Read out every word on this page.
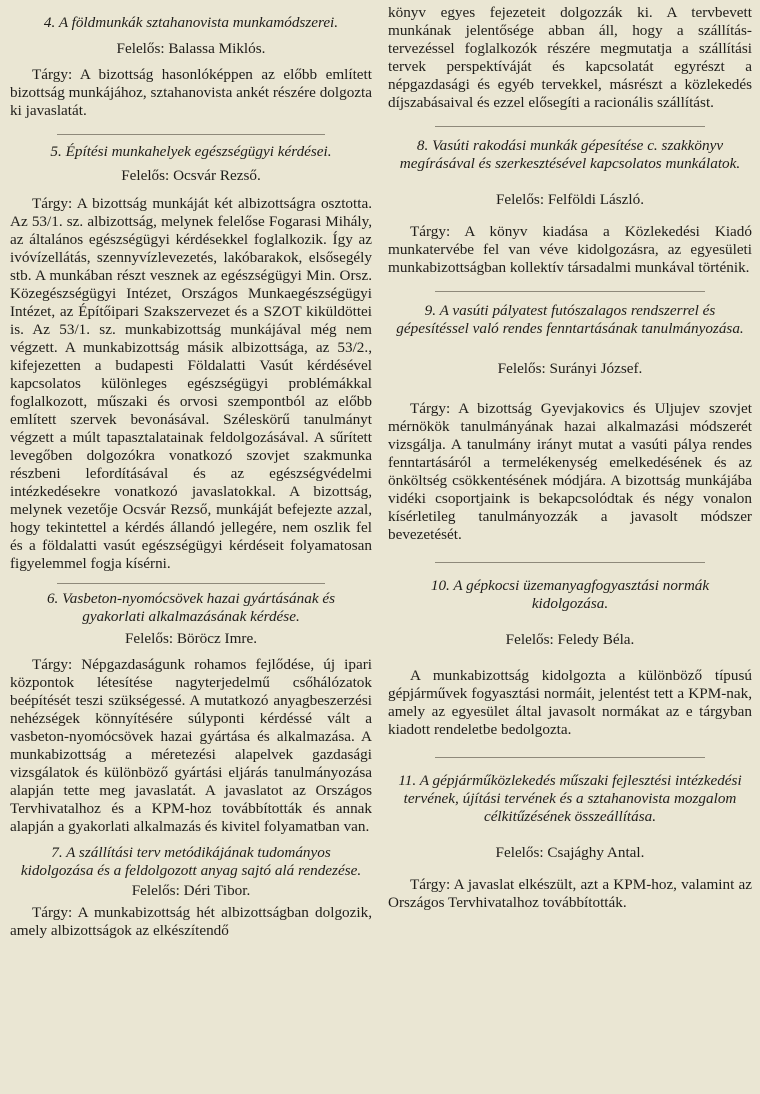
4. A földmunkák sztahanovista munkamódszerei.

Felelős: Balassa Miklós.

Tárgy: A bizottság hasonlóképpen az előbb említett bizottság munkájához, sztahanovista ankét részére dolgozta ki javaslatát.

5. Építési munkahelyek egészségügyi kérdései.

Felelős: Ocsvár Rezső.

Tárgy: A bizottság munkáját két albizottságra osztotta. Az 53/1. sz. albizottság, melynek felelőse Fogarasi Mihály, az általános egészségügyi kérdésekkel foglalkozik. Így az ivóvízellátás, szennyvízlevezetés, lakóbarakok, elsősegély stb. A munkában részt vesznek az egészségügyi Min. Orsz. Közegészségügyi Intézet, Országos Munkaegészségügyi Intézet, az Építőipari Szakszervezet és a SZOT kiküldöttei is. Az 53/1. sz. munkabizottság munkájával még nem végzett. A munkabizottság másik albizottsága, az 53/2., kifejezetten a budapesti Földalatti Vasút kérdésével kapcsolatos különleges egészségügyi problémákkal foglalkozott, műszaki és orvosi szempontból az előbb említett szervek bevonásával. Széleskörű tanulmányt végzett a múlt tapasztalatainak feldolgozásával. A sűrített levegőben dolgozókra vonatkozó szovjet szakmunka részbeni lefordításával és az egészségvédelmi intézkedésekre vonatkozó javaslatokkal. A bizottság, melynek vezetője Ocsvár Rezső, munkáját befejezte azzal, hogy tekintettel a kérdés állandó jellegére, nem oszlik fel és a földalatti vasút egészségügyi kérdéseit folyamatosan figyelemmel fogja kísérni.

6. Vasbeton-nyomócsövek hazai gyártásának és gyakorlati alkalmazásának kérdése.

Felelős: Böröcz Imre.

Tárgy: Népgazdaságunk rohamos fejlődése, új ipari központok létesítése nagyterjedelmű csőhálózatok beépítését teszi szükségessé. A mutatkozó anyagbeszerzési nehézségek könnyítésére súlyponti kérdéssé vált a vasbeton-nyomócsövek hazai gyártása és alkalmazása. A munkabizottság a méretezési alapelvek gazdasági vizsgálatok és különböző gyártási eljárás tanulmányozása alapján tette meg javaslatát. A javaslatot az Országos Tervhivatalhoz és a KPM-hoz továbbították és annak alapján a gyakorlati alkalmazás és kivitel folyamatban van.

7. A szállítási terv metódikájának tudományos kidolgozása és a feldolgozott anyag sajtó alá rendezése.

Felelős: Déri Tibor.

Tárgy: A munkabizottság hét albizottságban dolgozik, amely albizottságok az elkészítendő

könyv egyes fejezeteit dolgozzák ki. A tervbevett munkának jelentősége abban áll, hogy a szállítás-tervezéssel foglalkozók részére megmutatja a szállítási tervek perspektíváját és kapcsolatát egyrészt a népgazdasági és egyéb tervekkel, másrészt a közlekedés díjszabásaival és ezzel elősegíti a racionális szállítást.

8. Vasúti rakodási munkák gépesítése c. szakkönyv megírásával és szerkesztésével kapcsolatos munkálatok.

Felelős: Felföldi László.

Tárgy: A könyv kiadása a Közlekedési Kiadó munkatervébe fel van véve kidolgozásra, az egyesületi munkabizottságban kollektív társadalmi munkával történik.

9. A vasúti pályatest futószalagos rendszerrel és gépesítéssel való rendes fenntartásának tanulmányozása.

Felelős: Surányi József.

Tárgy: A bizottság Gyevjakovics és Uljujev szovjet mérnökök tanulmányának hazai alkalmazási módszerét vizsgálja. A tanulmány irányt mutat a vasúti pálya rendes fenntartásáról a termelékenység emelkedésének és az önköltség csökkentésének módjára. A bizottság munkájába vidéki csoportjaink is bekapcsolódtak és négy vonalon kísérletileg tanulmányozzák a javasolt módszer bevezetését.

10. A gépkocsi üzemanyagfogyasztási normák kidolgozása.

Felelős: Feledy Béla.

A munkabizottság kidolgozta a különböző típusú gépjárművek fogyasztási normáit, jelentést tett a KPM-nak, amely az egyesület által javasolt normákat az e tárgyban kiadott rendeletbe bedolgozta.

11. A gépjárműközlekedés műszaki fejlesztési intézkedési tervének, újítási tervének és a sztahanovista mozgalom célkitűzésének összeállítása.

Felelős: Csajághy Antal.

Tárgy: A javaslat elkészült, azt a KPM-hoz, valamint az Országos Tervhivatalhoz továbbították.
